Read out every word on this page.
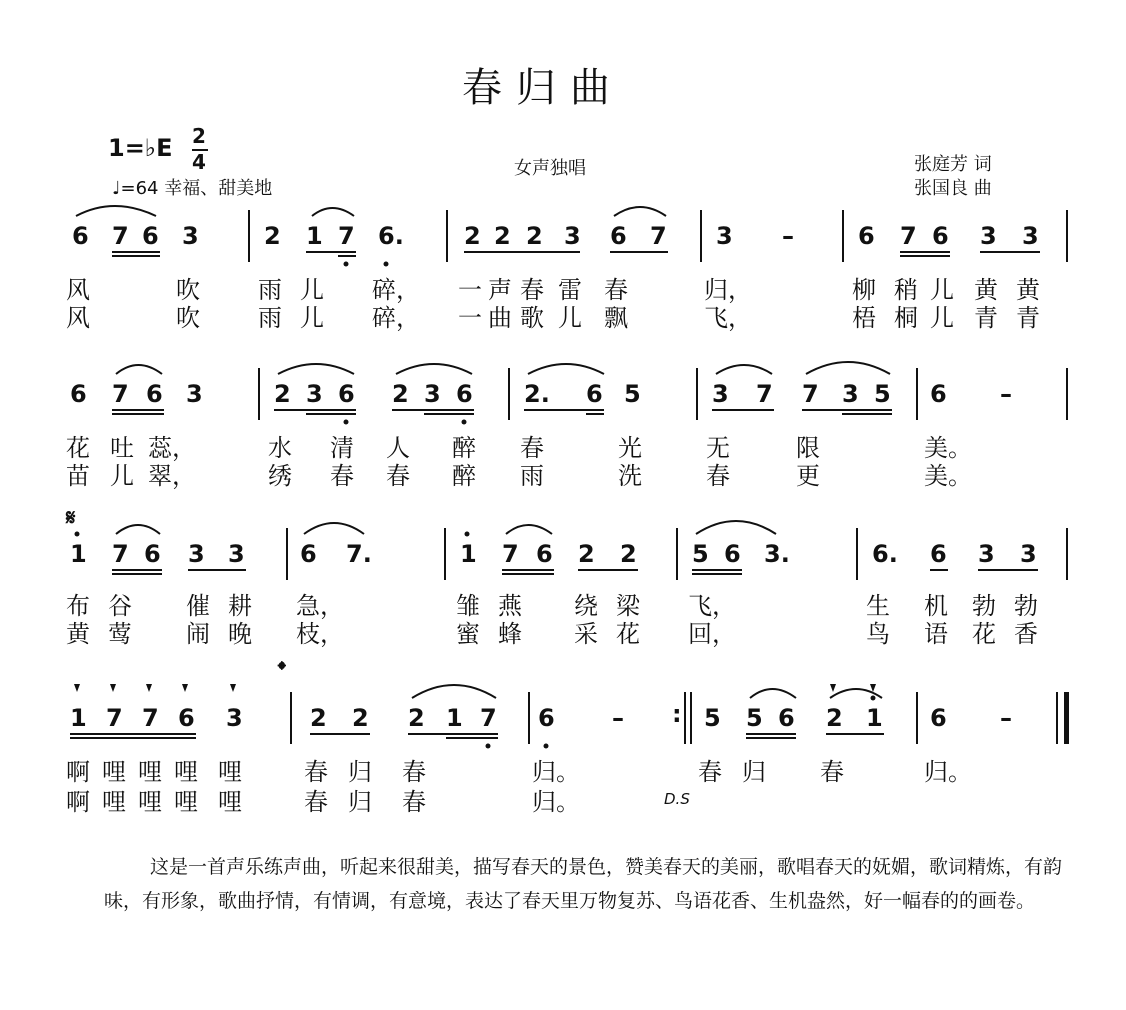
春归曲
1=♭E 2
4
♩=64 幸福、甜美地
女声独唱	张庭芳 词
张国良 曲
6 7 6 3	2 1 7 6.	2 2 2 3 6 7 3 –	6 7 6 3 3
风	吹 雨 儿 碎， 一 声 春 雷 春	归，	柳 稍 儿 黄 黄
风	吹 雨 儿 碎， 一 曲 歌 儿 飘	飞，	梧 桐 儿 青 青
6 7 6 3	2 3 6 2 3 6 2. 6 5	3 7 7 3 5 6 –
花 吐 蕊，	水 清 人 醉 春	光	无	限	美。
苗 儿 翠，	绣 春 春 醉 雨	洗	春	更	美。
𝄋
1 7 6 3 3 6 7.	1 7 6 2 2 5 6 3.	6. 6 3 3
布 谷 催 耕 急，	雏 燕 绕 梁 飞，	生 机 勃 勃
黄 莺 闹 晚 枝，	蜜 蜂 采 花 回，	鸟 语 花 香
𝄌
1 7 7 6 3	2 2 2 1 7 6 – : 5 5 6 2 1 6 –
啊 哩 哩 哩 哩	春 归 春	归。	春 归 春	归。
啊 哩 哩 哩 哩	春 归 春	归。	D.S
这是一首声乐练声曲，听起来很甜美，描写春天的景色，赞美春天的美丽，歌唱春天的妩媚，歌词精炼，有韵味，有形象，歌曲抒情，有情调，有意境，表达了春天里万物复苏、鸟语花香、生机盎然，好一幅春的的画卷。
